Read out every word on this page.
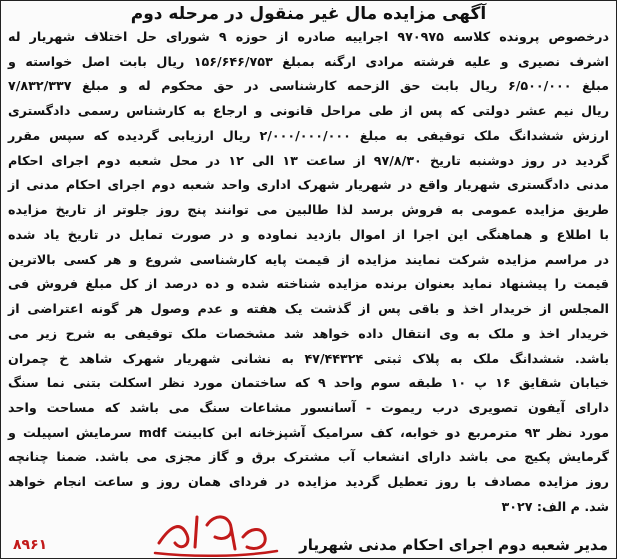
آگهی مزایده مال غیر منقول در مرحله دوم
درخصوص پرونده کلاسه ۹۷۰۹۷۵ اجراییه صادره از حوزه ۹ شورای حل اختلاف شهریار له
اشرف نصیری و علیه فرشته مرادی ارگنه بمبلغ ۱۵۶/۶۴۶/۷۵۳ ریال بابت اصل خواسته و
مبلغ ۶/۵۰۰/۰۰۰ ریال بابت حق الزحمه کارشناسی در حق محکوم له و مبلغ ۷/۸۳۲/۳۳۷
ریال نیم عشر دولتی که پس از طی مراحل قانونی و ارجاع به کارشناس رسمی دادگستری
ارزش ششدانگ ملک توقیفی به مبلغ ۲/۰۰۰/۰۰۰/۰۰۰ ریال ارزیابی گردیده که سپس مقرر
گردید در روز دوشنبه تاریخ ۹۷/۸/۳۰ از ساعت ۱۳ الی ۱۲ در محل شعبه دوم اجرای احکام
مدنی دادگستری شهریار واقع در شهریار شهرک اداری واحد شعبه دوم اجرای احکام مدنی از
طریق مزایده عمومی به فروش برسد لذا طالبین می توانند پنج روز جلوتر از تاریخ مزایده
با اطلاع و هماهنگی این اجرا از اموال بازدید نماوده و در صورت تمایل در تاریخ یاد شده
در مراسم مزایده شرکت نمایند مزایده از قیمت پایه کارشناسی شروع و هر کسی بالاترین
قیمت را پیشنهاد نماید بعنوان برنده مزایده شناخته شده و ده درصد از کل مبلغ فروش فی
المجلس از خریدار اخذ و باقی پس از گذشت یک هفته و عدم وصول هر گونه اعتراضی از
خریدار اخذ و ملک به وی انتقال داده خواهد شد مشخصات ملک توقیفی به شرح زیر می
باشد. ششدانگ ملک به پلاک ثبتی ۴۷/۴۴۳۲۴ به نشانی شهریار شهرک شاهد خ چمران
خیابان شقایق ۱۶ پ ۱۰ طبقه سوم واحد ۹ که ساختمان مورد نظر اسکلت بتنی نما سنگ
دارای آیفون تصویری درب ریموت - آسانسور مشاعات سنگ می باشد که مساحت واحد
مورد نظر ۹۳ مترمربع دو خوابه، کف سرامیک آشپزخانه ابن کابینت mdf سرمایش اسپیلت و
گرمایش پکیج می باشد دارای انشعاب آب مشترک برق و گاز مجزی می باشد. ضمنا چنانچه
روز مزایده مصادف با روز تعطیل گردید مزایده در فردای همان روز و ساعت انجام خواهد
شد. م الف: ۳۰۲۷
مدیر شعبه دوم اجرای احکام مدنی شهریار
۸۹۶۱
